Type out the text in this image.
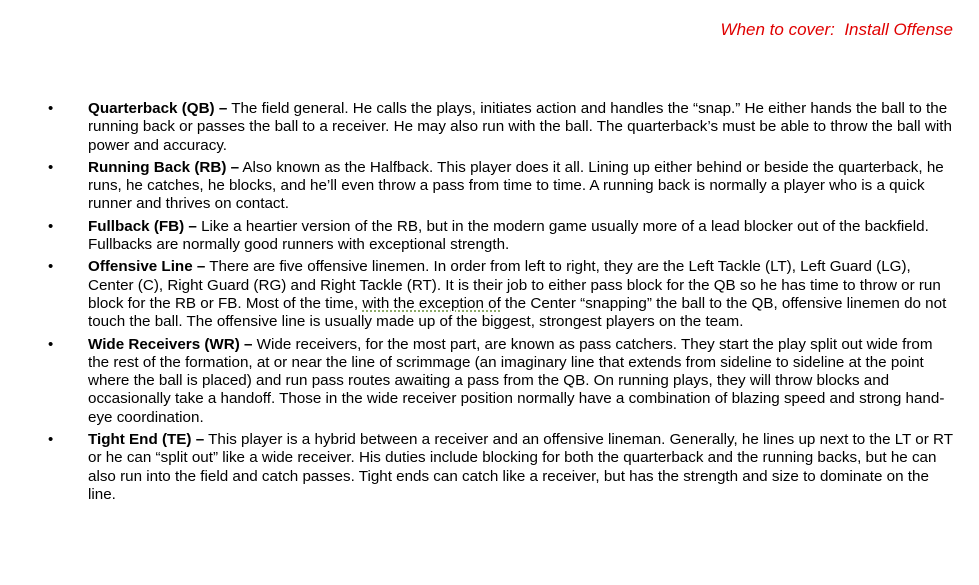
When to cover:  Install Offense
• Quarterback (QB) – The field general. He calls the plays, initiates action and handles the “snap.” He either hands the ball to the running back or passes the ball to a receiver. He may also run with the ball. The quarterback’s must be able to throw the ball with power and accuracy.
• Running Back (RB) – Also known as the Halfback. This player does it all. Lining up either behind or beside the quarterback, he runs, he catches, he blocks, and he’ll even throw a pass from time to time. A running back is normally a player who is a quick runner and thrives on contact.
• Fullback (FB) – Like a heartier version of the RB, but in the modern game usually more of a lead blocker out of the backfield. Fullbacks are normally good runners with exceptional strength.
• Offensive Line – There are five offensive linemen. In order from left to right, they are the Left Tackle (LT), Left Guard (LG), Center (C), Right Guard (RG) and Right Tackle (RT). It is their job to either pass block for the QB so he has time to throw or run block for the RB or FB. Most of the time, with the exception of the Center “snapping” the ball to the QB, offensive linemen do not touch the ball. The offensive line is usually made up of the biggest, strongest players on the team.
• Wide Receivers (WR) – Wide receivers, for the most part, are known as pass catchers. They start the play split out wide from the rest of the formation, at or near the line of scrimmage (an imaginary line that extends from sideline to sideline at the point where the ball is placed) and run pass routes awaiting a pass from the QB. On running plays, they will throw blocks and occasionally take a handoff. Those in the wide receiver position normally have a combination of blazing speed and strong hand-eye coordination.
• Tight End (TE) – This player is a hybrid between a receiver and an offensive lineman. Generally, he lines up next to the LT or RT or he can “split out” like a wide receiver. His duties include blocking for both the quarterback and the running backs, but he can also run into the field and catch passes. Tight ends can catch like a receiver, but has the strength and size to dominate on the line.
